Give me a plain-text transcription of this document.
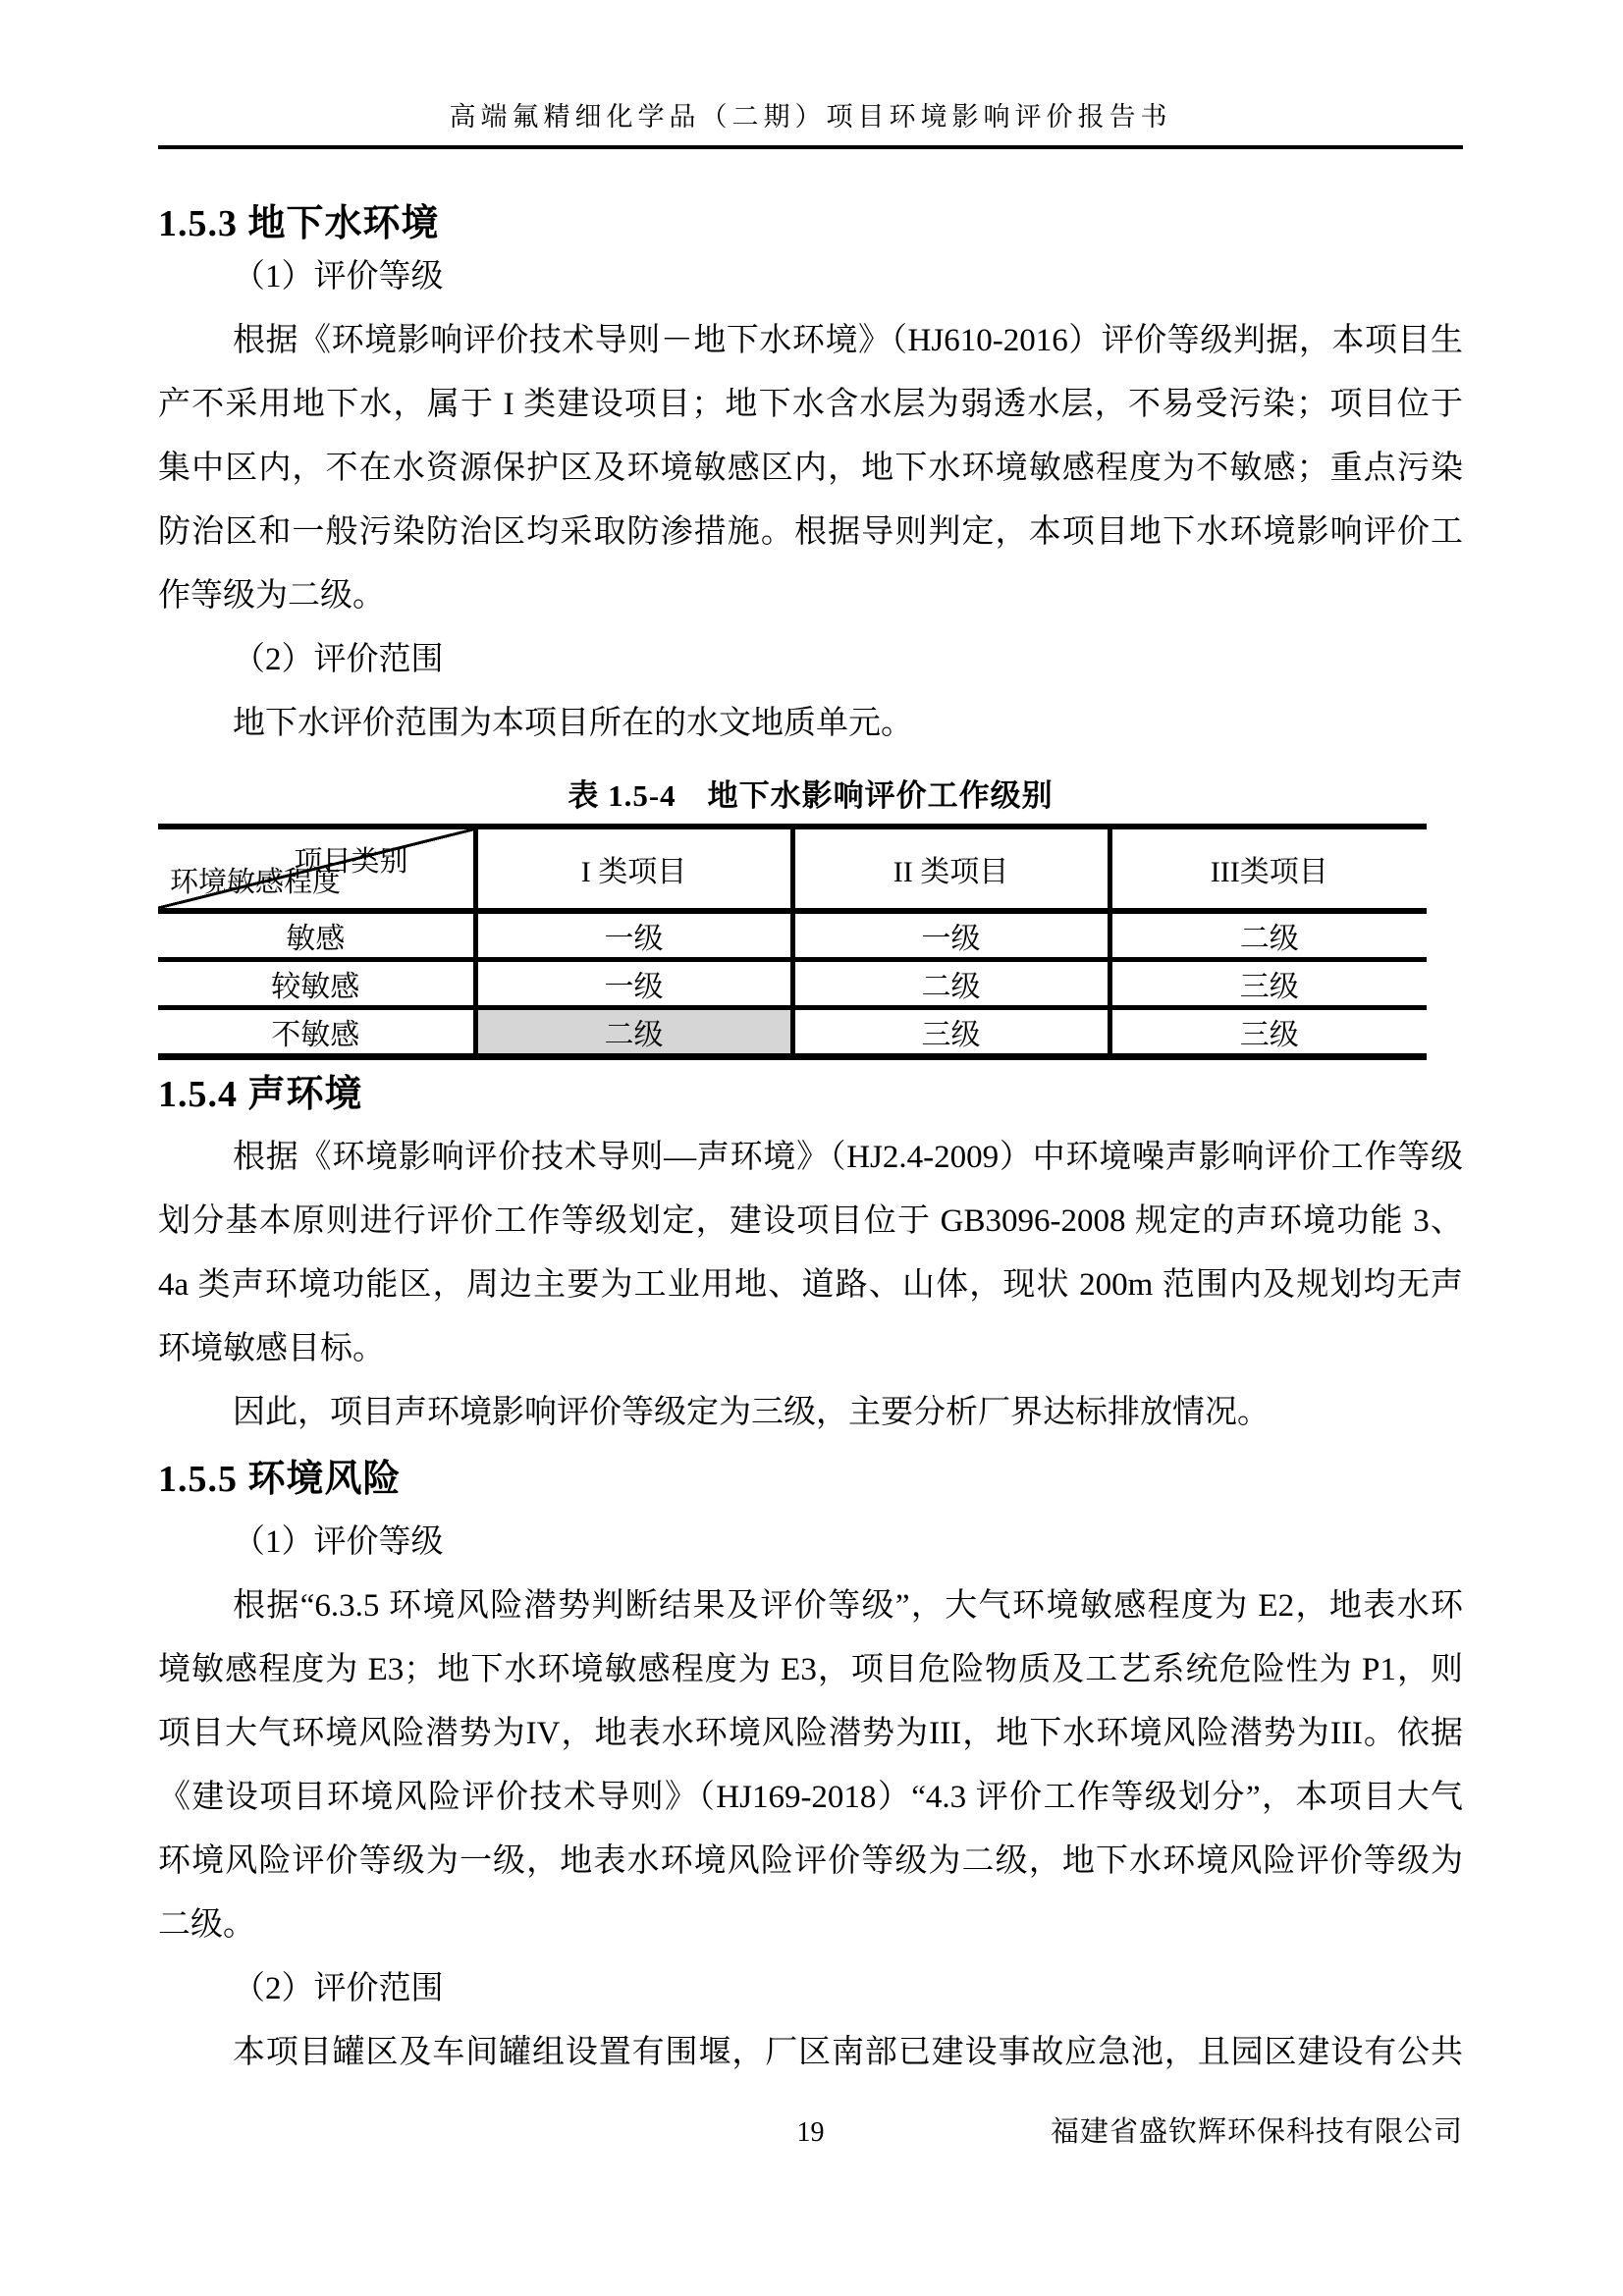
高端氟精细化学品（二期）项目环境影响评价报告书
1.5.3 地下水环境
（1）评价等级
根据《环境影响评价技术导则－地下水环境》（HJ610-2016）评价等级判据，本项目生
产不采用地下水，属于 I 类建设项目；地下水含水层为弱透水层，不易受污染；项目位于
集中区内，不在水资源保护区及环境敏感区内，地下水环境敏感程度为不敏感；重点污染
防治区和一般污染防治区均采取防渗措施。根据导则判定，本项目地下水环境影响评价工
作等级为二级。
（2）评价范围
地下水评价范围为本项目所在的水文地质单元。
表 1.5-4　地下水影响评价工作级别
项目类别
环境敏感程度	I 类项目	II 类项目	III类项目
敏感	一级	一级	二级
较敏感	一级	二级	三级
不敏感	二级	三级	三级
1.5.4 声环境
根据《环境影响评价技术导则—声环境》（HJ2.4-2009）中环境噪声影响评价工作等级
划分基本原则进行评价工作等级划定，建设项目位于 GB3096-2008 规定的声环境功能 3、
4a 类声环境功能区，周边主要为工业用地、道路、山体，现状 200m 范围内及规划均无声
环境敏感目标。
因此，项目声环境影响评价等级定为三级，主要分析厂界达标排放情况。
1.5.5 环境风险
（1）评价等级
根据“6.3.5 环境风险潜势判断结果及评价等级”，大气环境敏感程度为 E2，地表水环
境敏感程度为 E3；地下水环境敏感程度为 E3，项目危险物质及工艺系统危险性为 P1，则
项目大气环境风险潜势为IV，地表水环境风险潜势为III，地下水环境风险潜势为III。依据
《建设项目环境风险评价技术导则》（HJ169-2018）“4.3 评价工作等级划分”，本项目大气
环境风险评价等级为一级，地表水环境风险评价等级为二级，地下水环境风险评价等级为
二级。
（2）评价范围
本项目罐区及车间罐组设置有围堰，厂区南部已建设事故应急池，且园区建设有公共
19	福建省盛钦辉环保科技有限公司
